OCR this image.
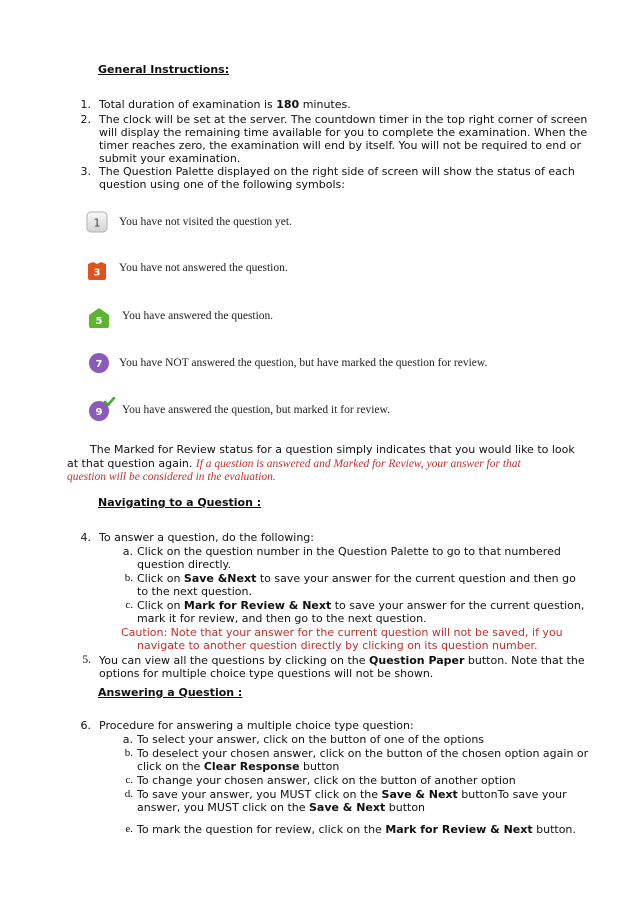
General Instructions:
1. Total duration of examination is 180 minutes.
2. The clock will be set at the server. The countdown timer in the top right corner of screen
will display the remaining time available for you to complete the examination. When the
timer reaches zero, the examination will end by itself. You will not be required to end or
submit your examination.
3. The Question Palette displayed on the right side of screen will show the status of each
question using one of the following symbols:
1 You have not visited the question yet.
3 You have not answered the question.
5 You have answered the question.
7 You have NOT answered the question, but have marked the question for review.
9 You have answered the question, but marked it for review.
The Marked for Review status for a question simply indicates that you would like to look
at that question again. If a question is answered and Marked for Review, your answer for that
question will be considered in the evaluation.
Navigating to a Question :
4. To answer a question, do the following:
a. Click on the question number in the Question Palette to go to that numbered
question directly.
b. Click on Save &Next to save your answer for the current question and then go
to the next question.
c. Click on Mark for Review & Next to save your answer for the current question,
mark it for review, and then go to the next question.
Caution: Note that your answer for the current question will not be saved, if you
navigate to another question directly by clicking on its question number.
5. You can view all the questions by clicking on the Question Paper button. Note that the
options for multiple choice type questions will not be shown.
Answering a Question :
6. Procedure for answering a multiple choice type question:
a. To select your answer, click on the button of one of the options
b. To deselect your chosen answer, click on the button of the chosen option again or
click on the Clear Response button
c. To change your chosen answer, click on the button of another option
d. To save your answer, you MUST click on the Save & Next buttonTo save your
answer, you MUST click on the Save & Next button
e. To mark the question for review, click on the Mark for Review & Next button.
